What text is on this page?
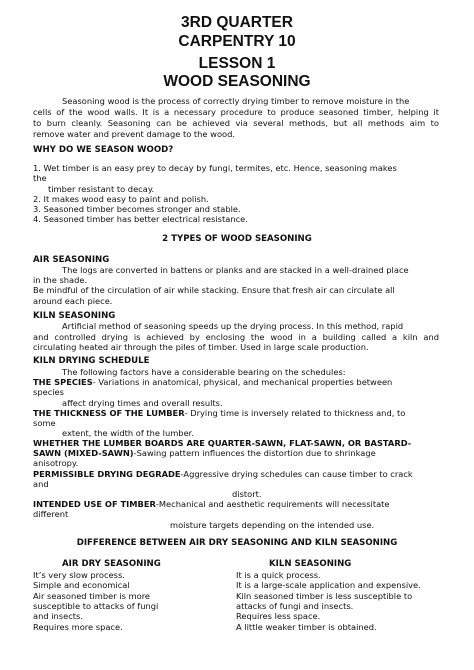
3RD QUARTER
CARPENTRY 10
LESSON 1
WOOD SEASONING
Seasoning wood is the process of correctly drying timber to remove moisture in the
cells of the wood walls. It is a necessary procedure to produce seasoned timber, helping it
to burn cleanly. Seasoning can be achieved via several methods, but all methods aim to
remove water and prevent damage to the wood.
WHY DO WE SEASON WOOD?
1. Wet timber is an easy prey to decay by fungi, termites, etc. Hence, seasoning makes
the
timber resistant to decay.
2. It makes wood easy to paint and polish.
3. Seasoned timber becomes stronger and stable.
4. Seasoned timber has better electrical resistance.
2 TYPES OF WOOD SEASONING
AIR SEASONING
The logs are converted in battens or planks and are stacked in a well-drained place
in the shade.
Be mindful of the circulation of air while stacking. Ensure that fresh air can circulate all
around each piece.
KILN SEASONING
Artificial method of seasoning speeds up the drying process. In this method, rapid
and controlled drying is achieved by enclosing the wood in a building called a kiln and
circulating heated air through the piles of timber. Used in large scale production.
KILN DRYING SCHEDULE
The following factors have a considerable bearing on the schedules:
THE SPECIES- Variations in anatomical, physical, and mechanical properties between
species
affect drying times and overall results.
THE THICKNESS OF THE LUMBER- Drying time is inversely related to thickness and, to
some
extent, the width of the lumber.
WHETHER THE LUMBER BOARDS ARE QUARTER-SAWN, FLAT-SAWN, OR BASTARD-
SAWN (MIXED-SAWN)-Sawing pattern influences the distortion due to shrinkage
anisotropy.
PERMISSIBLE DRYING DEGRADE-Aggressive drying schedules can cause timber to crack
and
distort.
INTENDED USE OF TIMBER-Mechanical and aesthetic requirements will necessitate
different
moisture targets depending on the intended use.
DIFFERENCE BETWEEN AIR DRY SEASONING AND KILN SEASONING
AIR DRY SEASONING	KILN SEASONING
It’s very slow process.
Simple and economical
Air seasoned timber is more
susceptible to attacks of fungi
and insects.
Requires more space.
It is a quick process.
It is a large-scale application and expensive.
Kiln seasoned timber is less susceptible to
attacks of fungi and insects.
Requires less space.
A little weaker timber is obtained.
